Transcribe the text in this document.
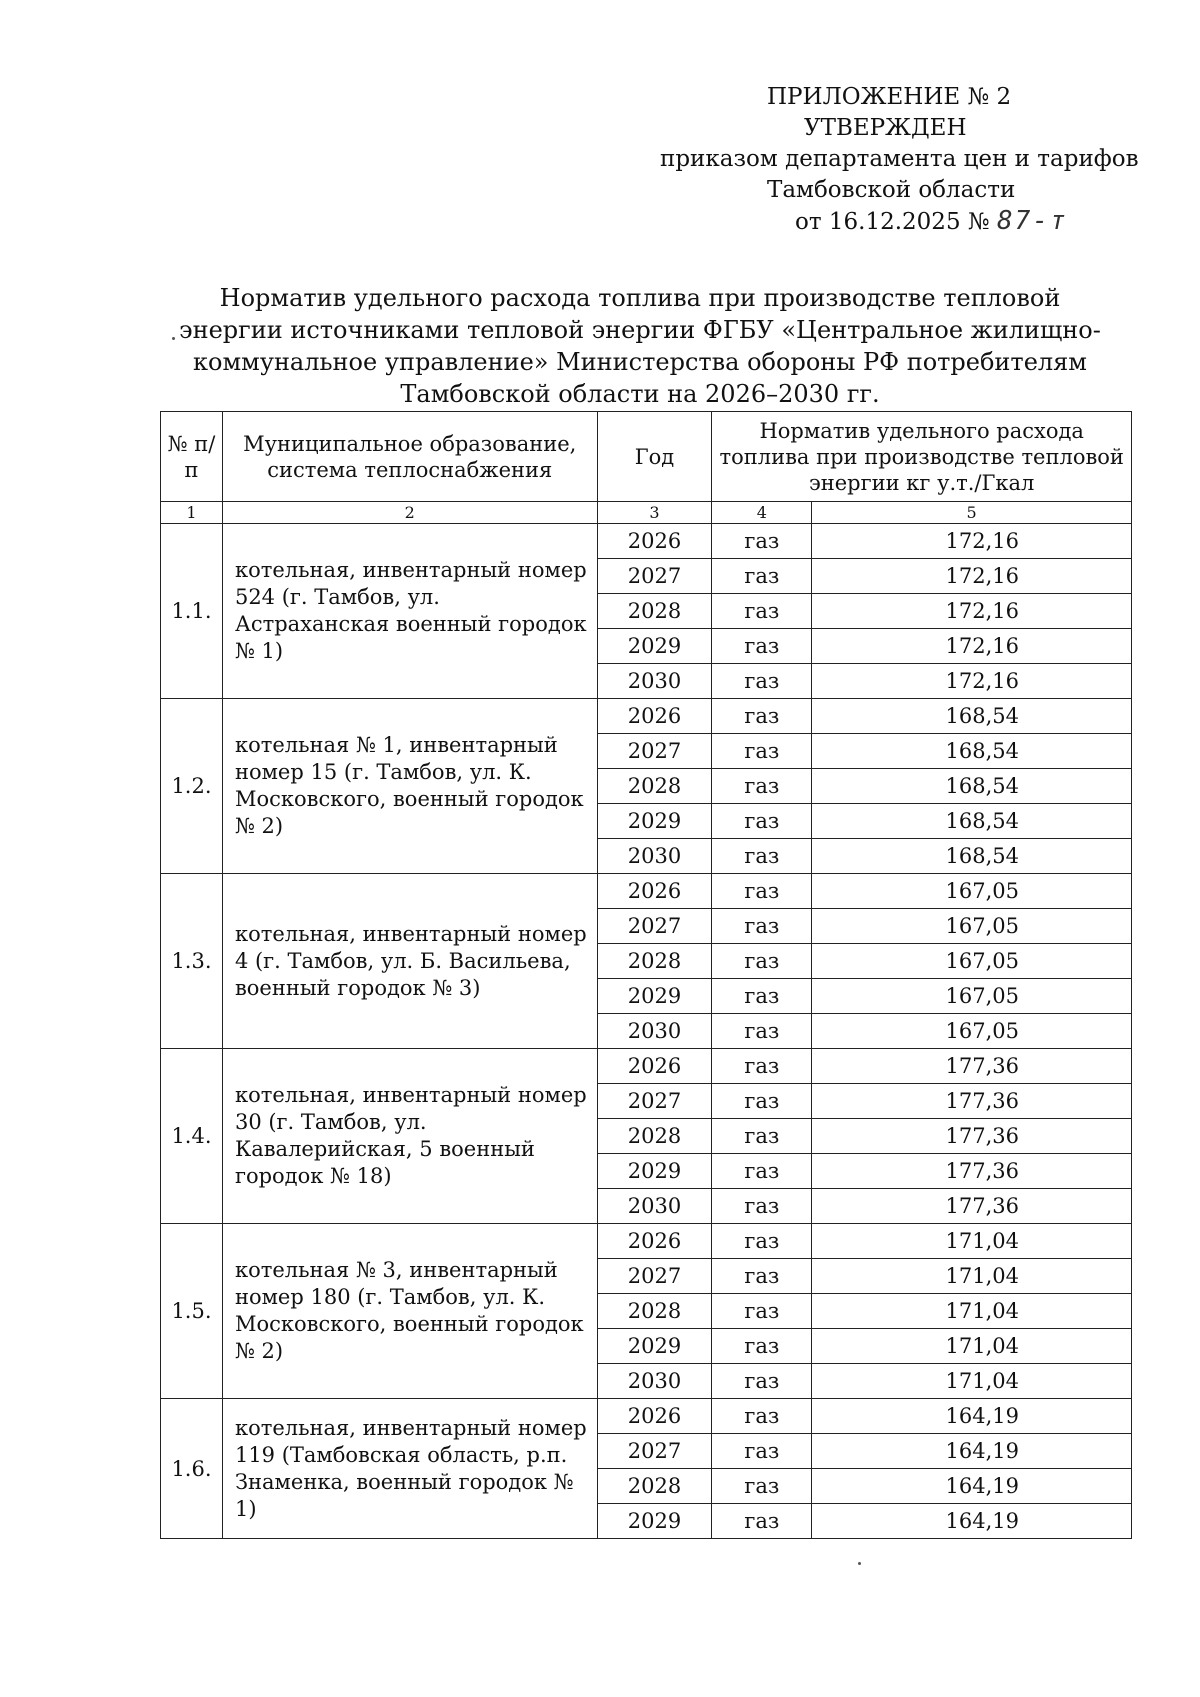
ПРИЛОЖЕНИЕ № 2
УТВЕРЖДЕН
приказом департамента цен и тарифов
Тамбовской области
от 16.12.2025 № 87-т
Норматив удельного расхода топлива при производстве тепловой энергии источниками тепловой энергии ФГБУ «Центральное жилищно-коммунальное управление» Министерства обороны РФ потребителям Тамбовской области на 2026–2030 гг.
№ п/п	Муниципальное образование, система теплоснабжения	Год	Норматив удельного расхода топлива при производстве тепловой энергии кг у.т./Гкал	
1	2	3	4	5
1.1.	котельная, инвентарный номер 524 (г. Тамбов, ул. Астраханская военный городок № 1)	2026	газ	172,16
		2027	газ	172,16
		2028	газ	172,16
		2029	газ	172,16
		2030	газ	172,16
1.2.	котельная № 1, инвентарный номер 15 (г. Тамбов, ул. К. Московского, военный городок № 2)	2026	газ	168,54
		2027	газ	168,54
		2028	газ	168,54
		2029	газ	168,54
		2030	газ	168,54
1.3.	котельная, инвентарный номер 4 (г. Тамбов, ул. Б. Васильева, военный городок № 3)	2026	газ	167,05
		2027	газ	167,05
		2028	газ	167,05
		2029	газ	167,05
		2030	газ	167,05
1.4.	котельная, инвентарный номер 30 (г. Тамбов, ул. Кавалерийская, 5 военный городок № 18)	2026	газ	177,36
		2027	газ	177,36
		2028	газ	177,36
		2029	газ	177,36
		2030	газ	177,36
1.5.	котельная № 3, инвентарный номер 180 (г. Тамбов, ул. К. Московского, военный городок № 2)	2026	газ	171,04
		2027	газ	171,04
		2028	газ	171,04
		2029	газ	171,04
		2030	газ	171,04
1.6.	котельная, инвентарный номер 119 (Тамбовская область, р.п. Знаменка, военный городок № 1)	2026	газ	164,19
		2027	газ	164,19
		2028	газ	164,19
		2029	газ	164,19
